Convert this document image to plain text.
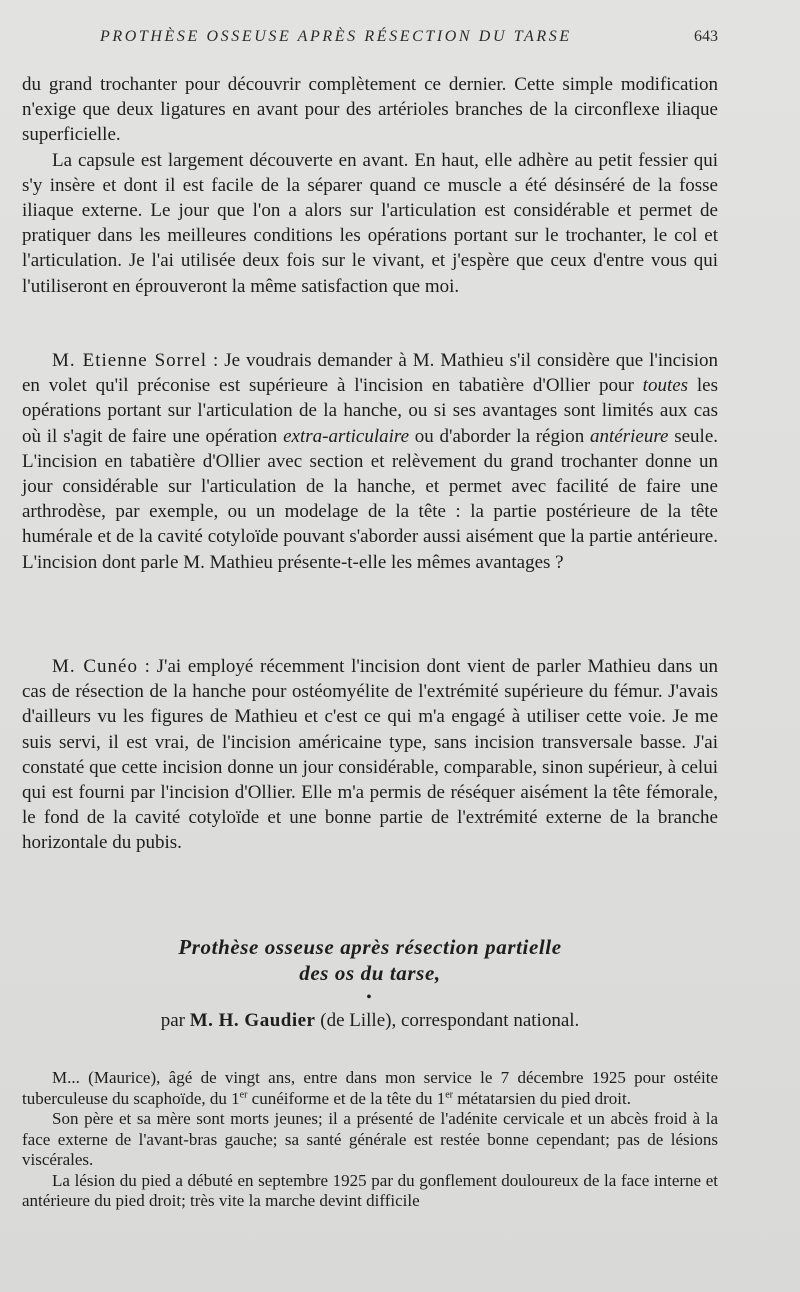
PROTHÈSE OSSEUSE APRÈS RÉSECTION DU TARSE	643

du grand trochanter pour découvrir complètement ce dernier. Cette simple modification n'exige que deux ligatures en avant pour des artérioles branches de la circonflexe iliaque superficielle.

La capsule est largement découverte en avant. En haut, elle adhère au petit fessier qui s'y insère et dont il est facile de la séparer quand ce muscle a été désinséré de la fosse iliaque externe. Le jour que l'on a alors sur l'articulation est considérable et permet de pratiquer dans les meilleures conditions les opérations portant sur le trochanter, le col et l'articulation. Je l'ai utilisée deux fois sur le vivant, et j'espère que ceux d'entre vous qui l'utiliseront en éprouveront la même satisfaction que moi.

M. Etienne Sorrel : Je voudrais demander à M. Mathieu s'il considère que l'incision en volet qu'il préconise est supérieure à l'incision en tabatière d'Ollier pour toutes les opérations portant sur l'articulation de la hanche, ou si ses avantages sont limités aux cas où il s'agit de faire une opération extra-articulaire ou d'aborder la région antérieure seule. L'incision en tabatière d'Ollier avec section et relèvement du grand trochanter donne un jour considérable sur l'articulation de la hanche, et permet avec facilité de faire une arthrodèse, par exemple, ou un modelage de la tête : la partie postérieure de la tête humérale et de la cavité cotyloïde pouvant s'aborder aussi aisément que la partie antérieure. L'incision dont parle M. Mathieu présente-t-elle les mêmes avantages ?

M. Cunéo : J'ai employé récemment l'incision dont vient de parler Mathieu dans un cas de résection de la hanche pour ostéomyélite de l'extrémité supérieure du fémur. J'avais d'ailleurs vu les figures de Mathieu et c'est ce qui m'a engagé à utiliser cette voie. Je me suis servi, il est vrai, de l'incision américaine type, sans incision transversale basse. J'ai constaté que cette incision donne un jour considérable, comparable, sinon supérieur, à celui qui est fourni par l'incision d'Ollier. Elle m'a permis de réséquer aisément la tête fémorale, le fond de la cavité cotyloïde et une bonne partie de l'extrémité externe de la branche horizontale du pubis.

Prothèse osseuse après résection partielle
des os du tarse,
•
par M. H. Gaudier (de Lille), correspondant national.

M... (Maurice), âgé de vingt ans, entre dans mon service le 7 décembre 1925 pour ostéite tuberculeuse du scaphoïde, du 1er cunéiforme et de la tête du 1er métatarsien du pied droit.

Son père et sa mère sont morts jeunes; il a présenté de l'adénite cervicale et un abcès froid à la face externe de l'avant-bras gauche; sa santé générale est restée bonne cependant; pas de lésions viscérales.

La lésion du pied a débuté en septembre 1925 par du gonflement douloureux de la face interne et antérieure du pied droit; très vite la marche devint difficile
